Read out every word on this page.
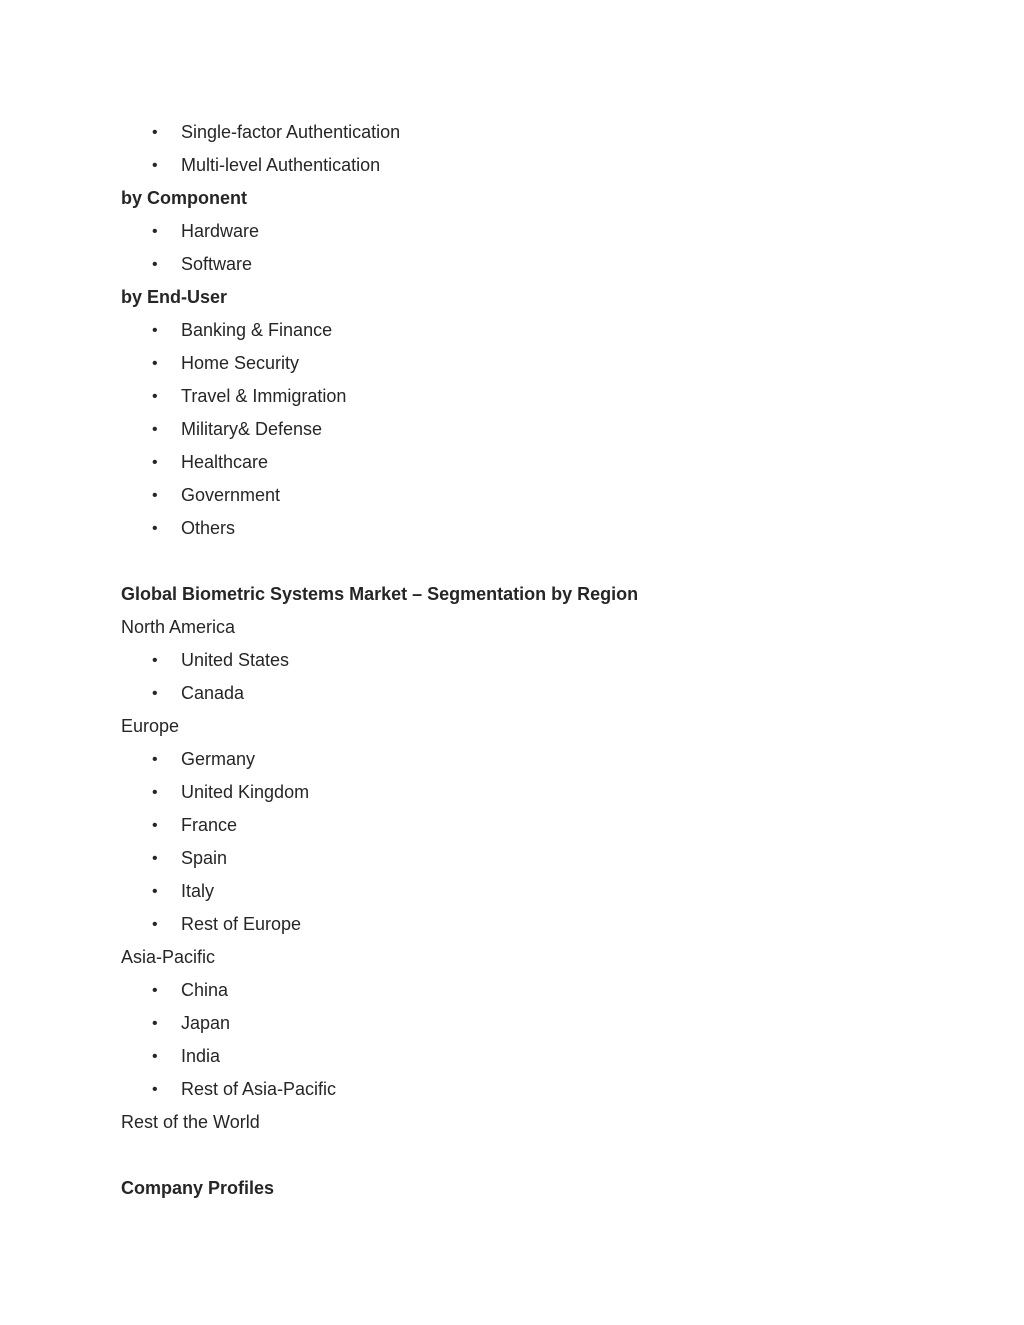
• Single-factor Authentication
• Multi-level Authentication
by Component
• Hardware
• Software
by End-User
• Banking & Finance
• Home Security
• Travel & Immigration
• Military& Defense
• Healthcare
• Government
• Others
Global Biometric Systems Market – Segmentation by Region
North America
• United States
• Canada
Europe
• Germany
• United Kingdom
• France
• Spain
• Italy
• Rest of Europe
Asia-Pacific
• China
• Japan
• India
• Rest of Asia-Pacific
Rest of the World
Company Profiles
